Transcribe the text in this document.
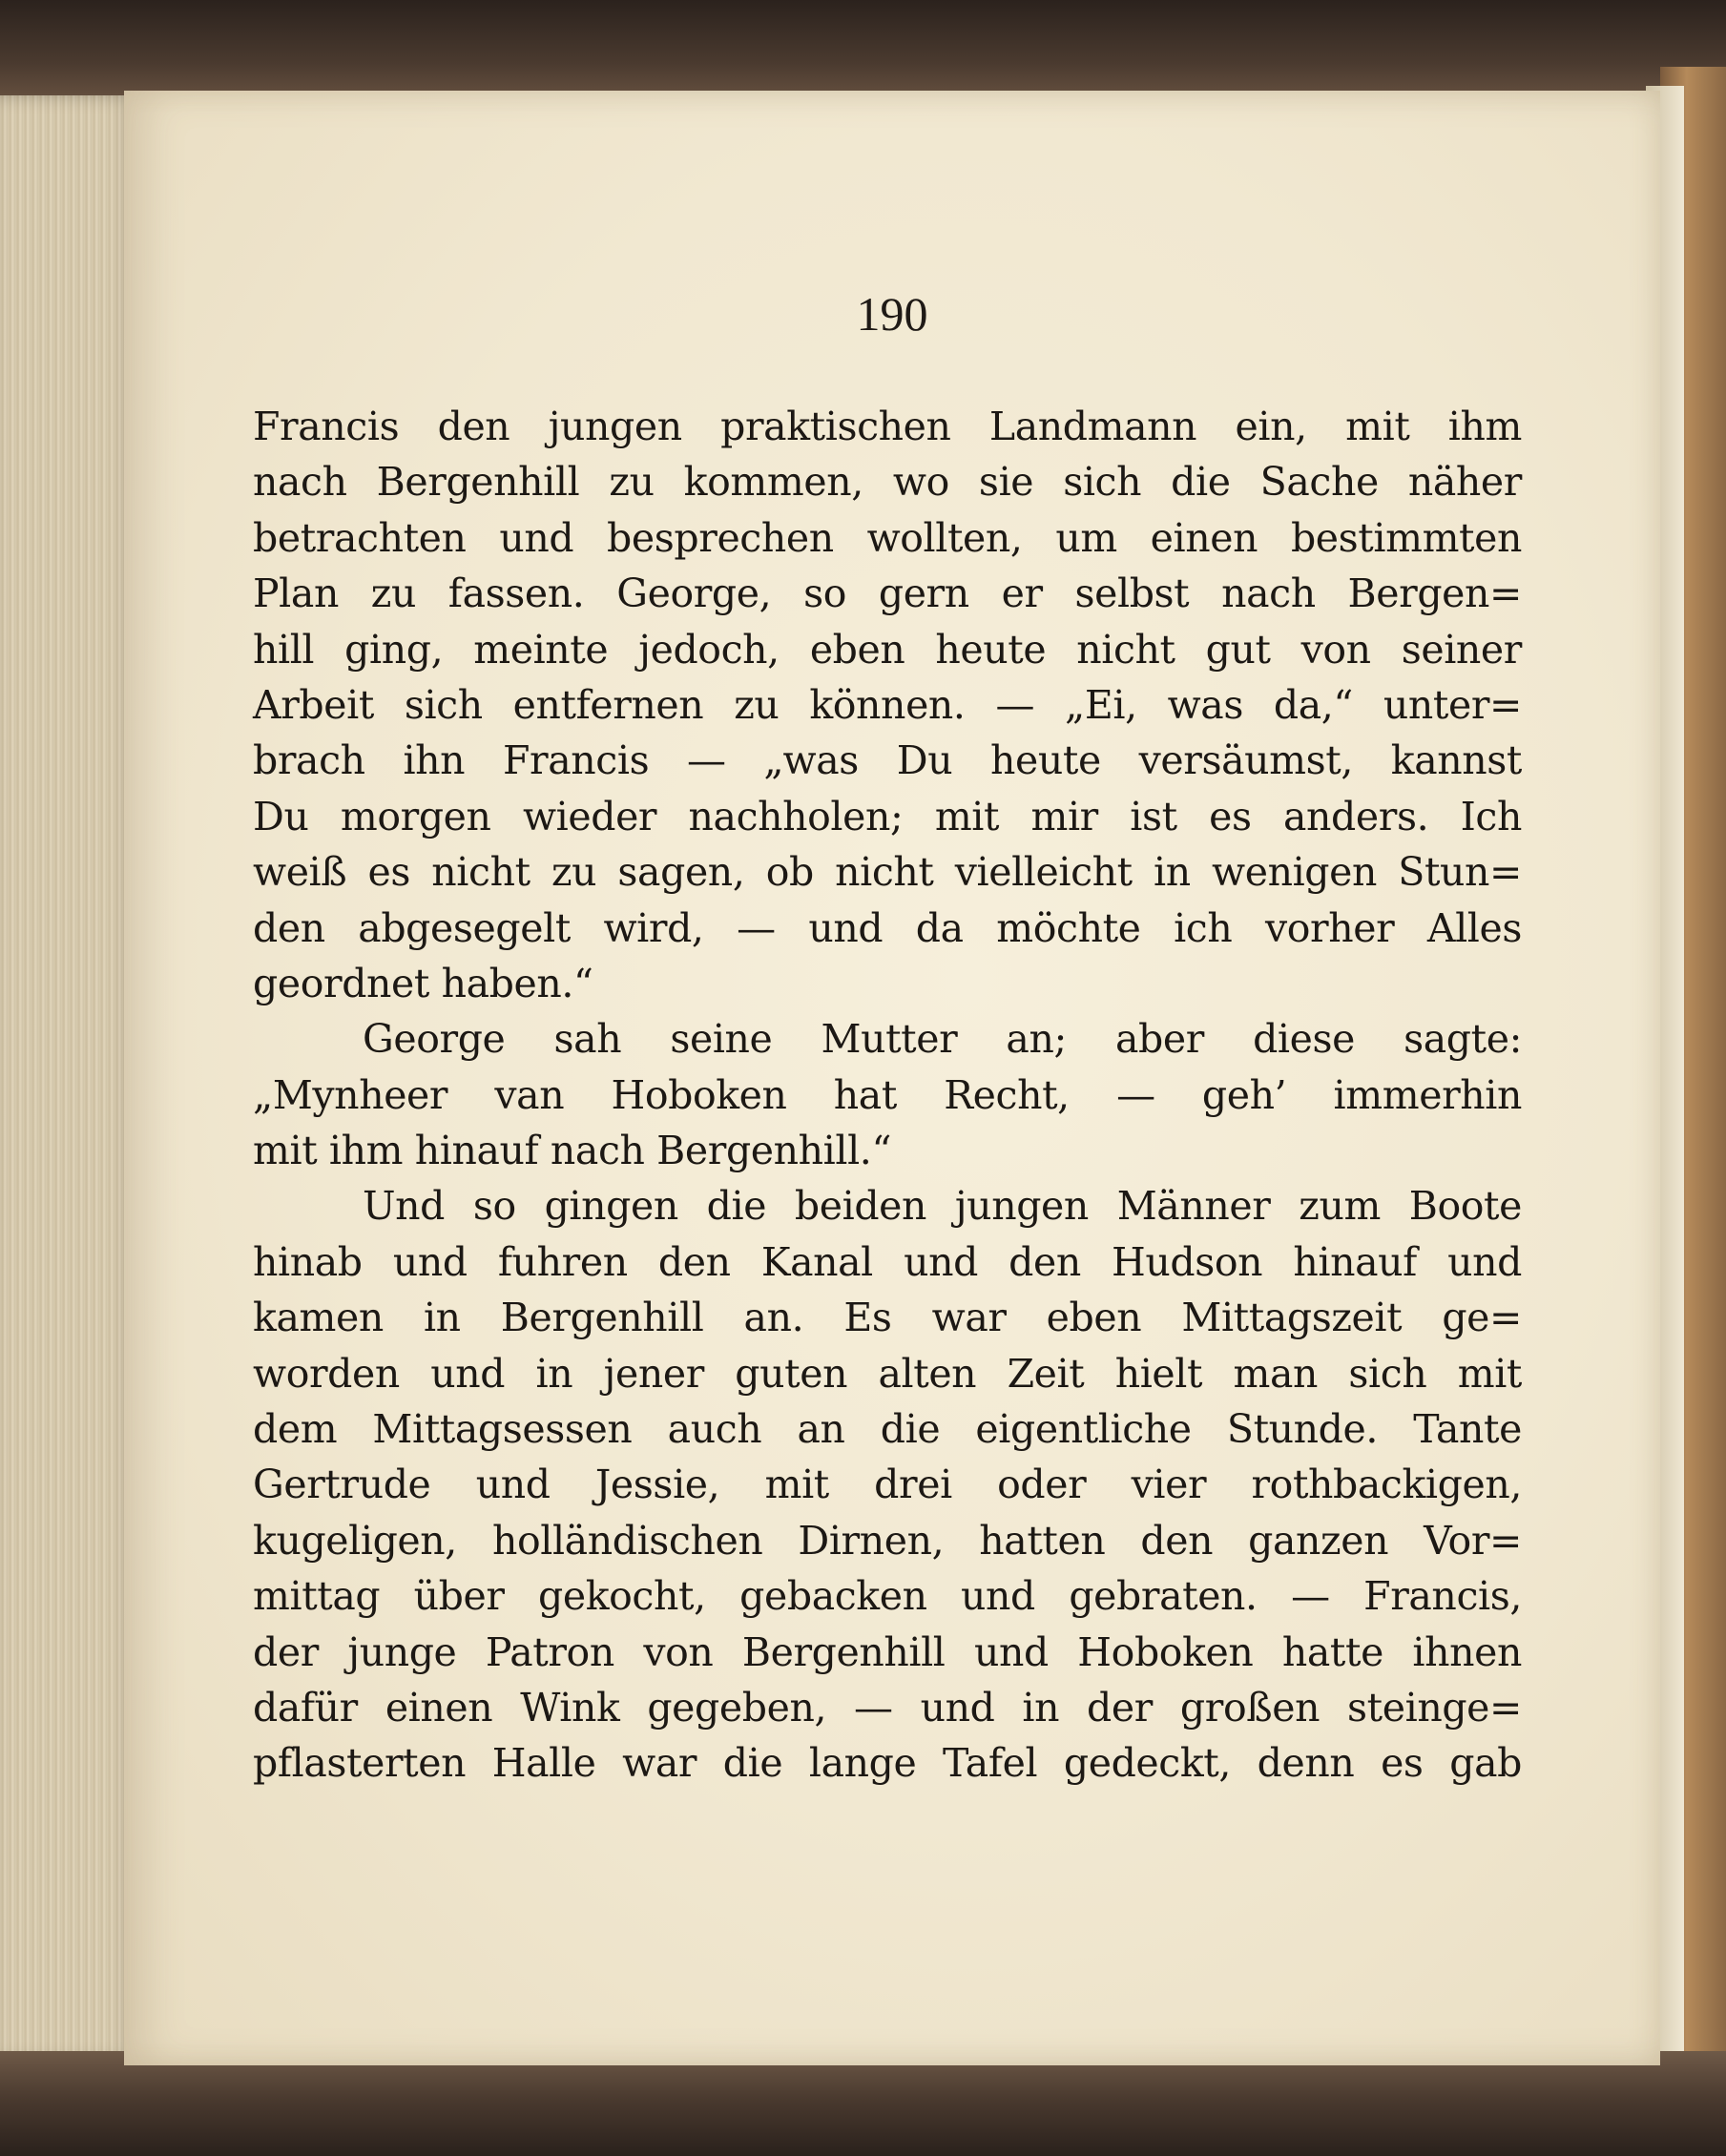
190
Francis den jungen praktischen Landmann ein, mit ihm
nach Bergenhill zu kommen, wo sie sich die Sache näher
betrachten und besprechen wollten, um einen bestimmten
Plan zu fassen. George, so gern er selbst nach Bergen=
hill ging, meinte jedoch, eben heute nicht gut von seiner
Arbeit sich entfernen zu können. — „Ei, was da,“ unter=
brach ihn Francis — „was Du heute versäumst, kannst
Du morgen wieder nachholen; mit mir ist es anders. Ich
weiß es nicht zu sagen, ob nicht vielleicht in wenigen Stun=
den abgesegelt wird, — und da möchte ich vorher Alles
geordnet haben.“
George sah seine Mutter an; aber diese sagte:
„Mynheer van Hoboken hat Recht, — geh’ immerhin
mit ihm hinauf nach Bergenhill.“
Und so gingen die beiden jungen Männer zum Boote
hinab und fuhren den Kanal und den Hudson hinauf und
kamen in Bergenhill an. Es war eben Mittagszeit ge=
worden und in jener guten alten Zeit hielt man sich mit
dem Mittagsessen auch an die eigentliche Stunde. Tante
Gertrude und Jessie, mit drei oder vier rothbackigen,
kugeligen, holländischen Dirnen, hatten den ganzen Vor=
mittag über gekocht, gebacken und gebraten. — Francis,
der junge Patron von Bergenhill und Hoboken hatte ihnen
dafür einen Wink gegeben, — und in der großen steinge=
pflasterten Halle war die lange Tafel gedeckt, denn es gab
